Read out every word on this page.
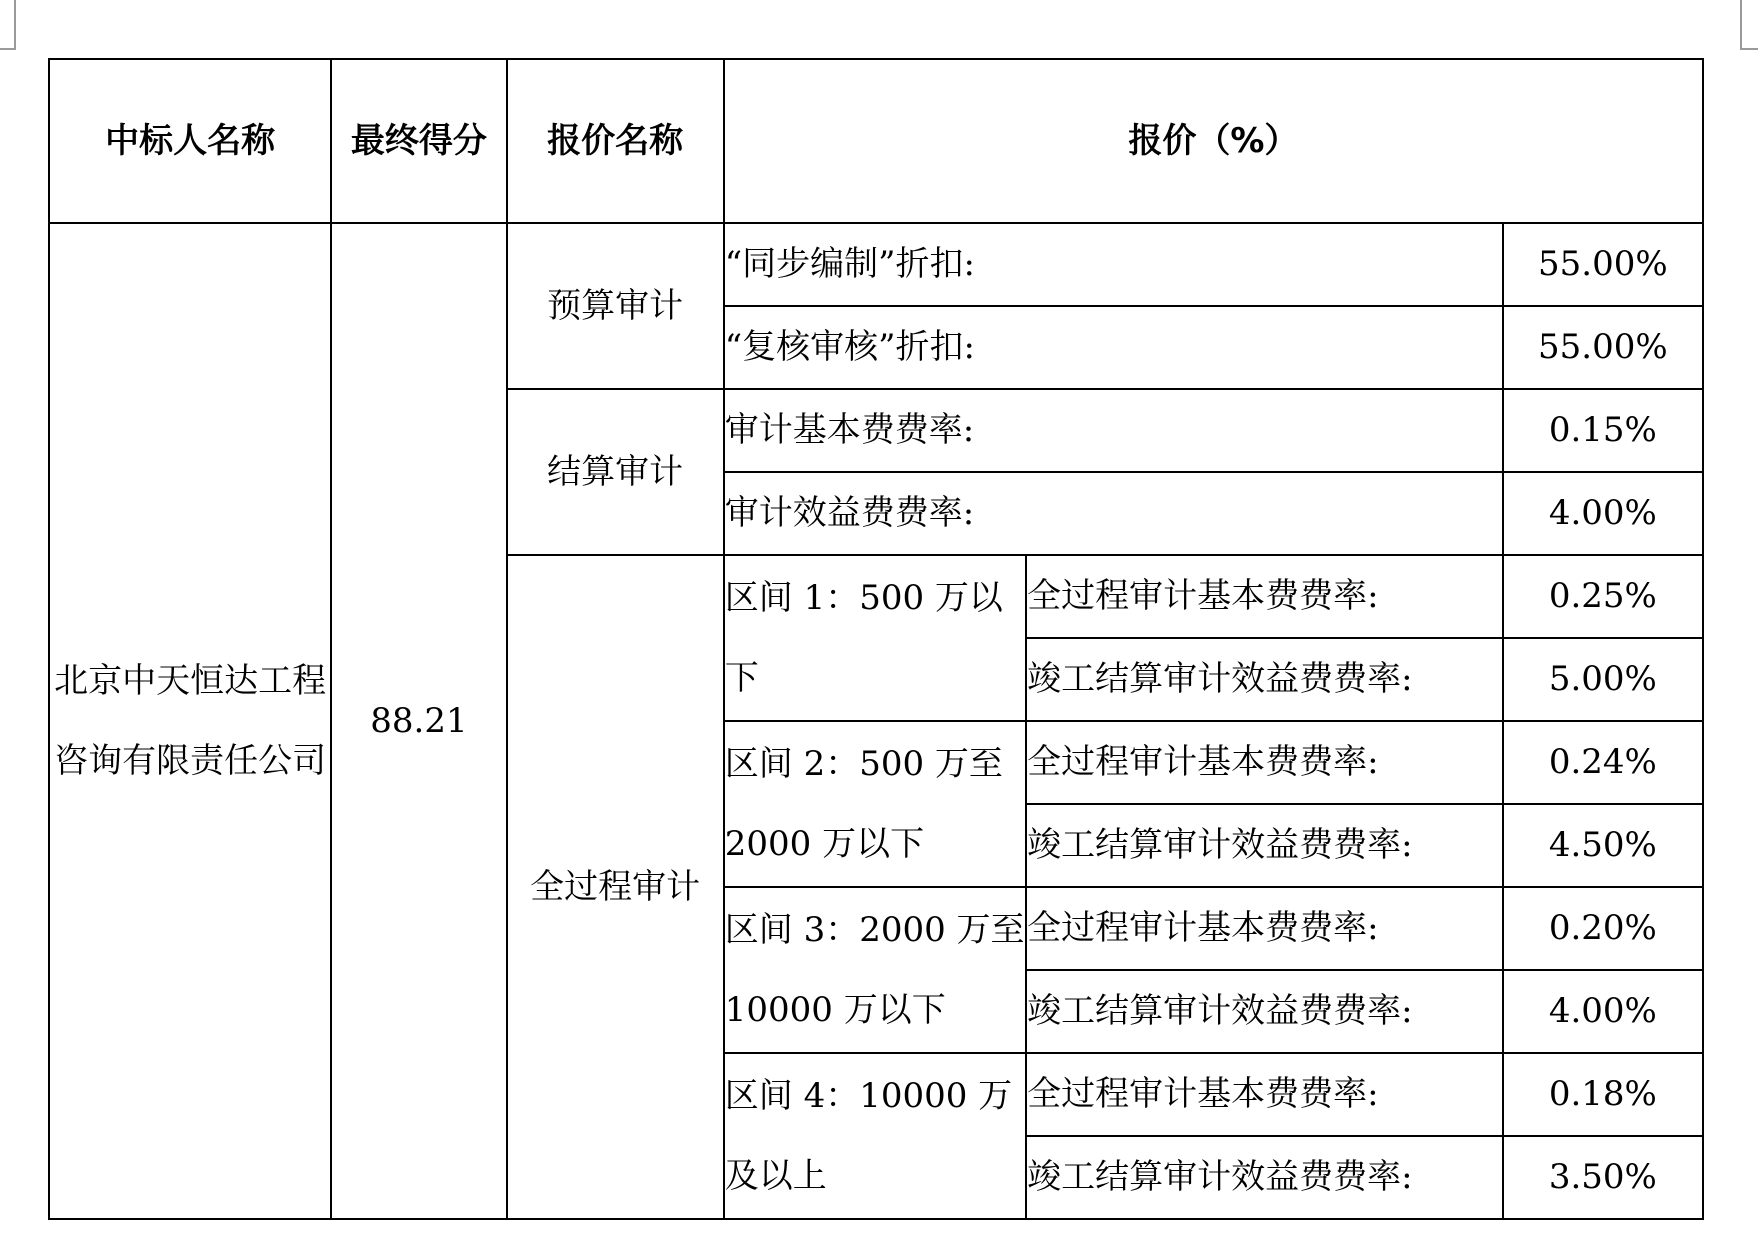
中标人名称	最终得分	报价名称	报价（%）		
北京中天恒达工程咨询有限责任公司	88.21	预算审计	“同步编制”折扣:		55.00%
			“复核审核”折扣:		55.00%
		结算审计	审计基本费费率:		0.15%
			审计效益费费率:		4.00%
		全过程审计	区间 1：500 万以下	全过程审计基本费费率:	0.25%
				竣工结算审计效益费费率:	5.00%
			区间 2：500 万至 2000 万以下	全过程审计基本费费率:	0.24%
				竣工结算审计效益费费率:	4.50%
			区间 3：2000 万至 10000 万以下	全过程审计基本费费率:	0.20%
				竣工结算审计效益费费率:	4.00%
			区间 4：10000 万及以上	全过程审计基本费费率:	0.18%
				竣工结算审计效益费费率:	3.50%
